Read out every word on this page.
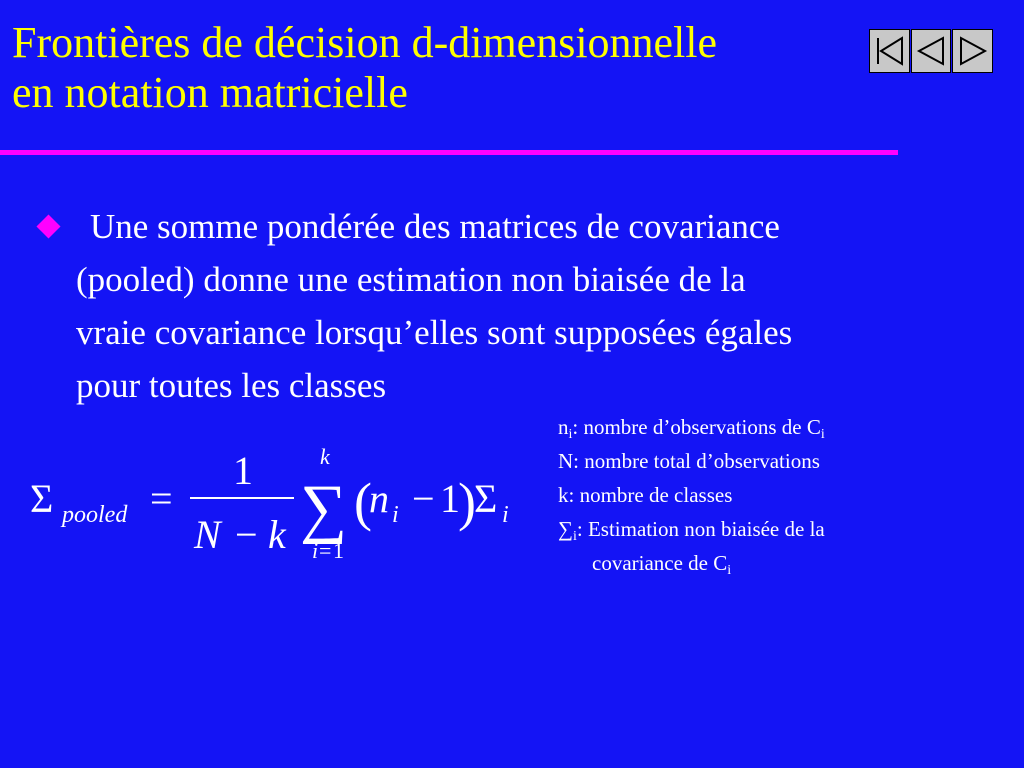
Frontières de décision d-dimensionnelle
en notation matricielle
Une somme pondérée des matrices de covariance
(pooled) donne une estimation non biaisée de la
vraie covariance lorsqu’elles sont supposées égales
pour toutes les classes
Σ pooled =
1
N − k
k
∑
i = 1
(
n i − 1
)
Σ i
$n_i$: nombre d’observations de $C_i$
N: nombre total d’observations
k: nombre de classes
$\sum_i$: Estimation non biaisée de la
covariance de $C_i$
